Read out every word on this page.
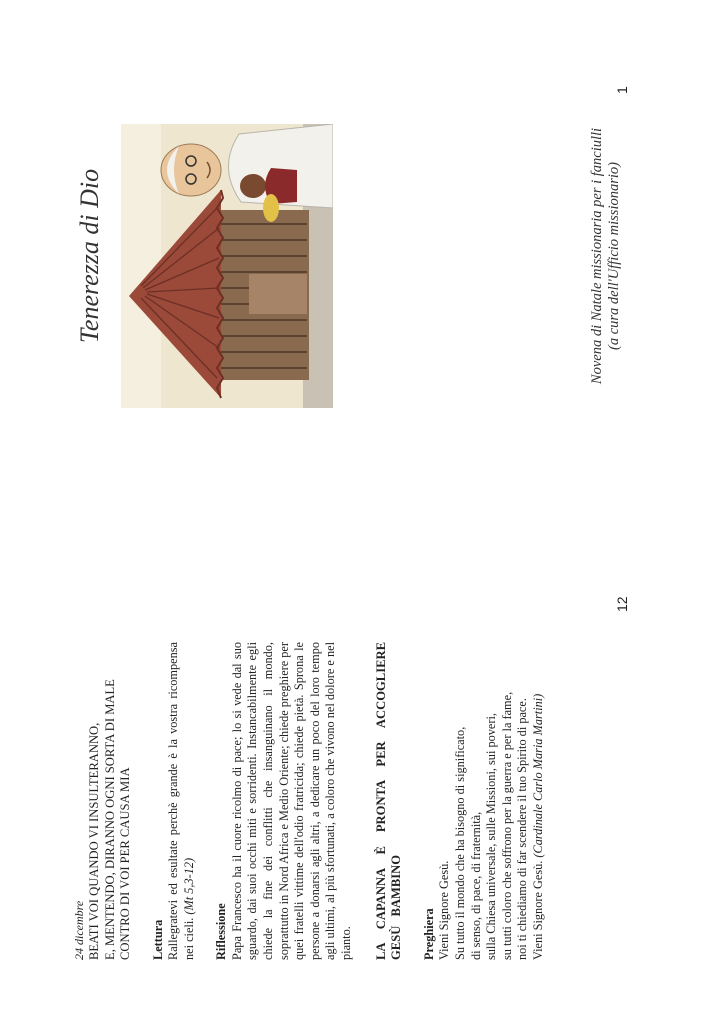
24 dicembre BEATI VOI QUANDO VI INSULTERANNO, E, MENTENDO, DIRANNO OGNI SORTA DI MALE CONTRO DI VOI PER CAUSA MIA Lettura Rallegratevi ed esultate perchè grande è la vostra ricompensa nei cieli. (Mt 5,3-12)
Riflessione Papa Francesco ha il cuore ricolmo di pace; lo si vede dal suo sguardo, dai suoi occhi miti e sorridenti. Instancabilmente egli chiede la fine dei conflitti che insanguinano il mondo, soprattutto in Nord Africa e Medio Oriente; chiede preghiere per quei fratelli vittime dell'odio fratricida; chiede pietà. Sprona le persone a donarsi agli altri, a dedicare un poco del loro tempo agli ultimi, al più sfortunati, a coloro che vivono nel dolore e nel pianto. LA CAPANNA È PRONTA PER ACCOGLIERE GESÙ BAMBINO Preghiera Vieni Signore Gesù. Su tutto il mondo che ha bisogno di significato, di senso, di pace, di fraternità, sulla Chiesa universale, sulle Missioni, sui poveri, su tutti coloro che soffrono per la guerra e per la fame, noi ti chiediamo di far scendere il tuo Spirito di pace. Vieni Signore Gesù. (Cardinale Carlo Maria Martini)
12
Tenerezza di Dio	Novena di Natale missionaria per i fanciulli (a cura dell'Ufficio missionario)
1
